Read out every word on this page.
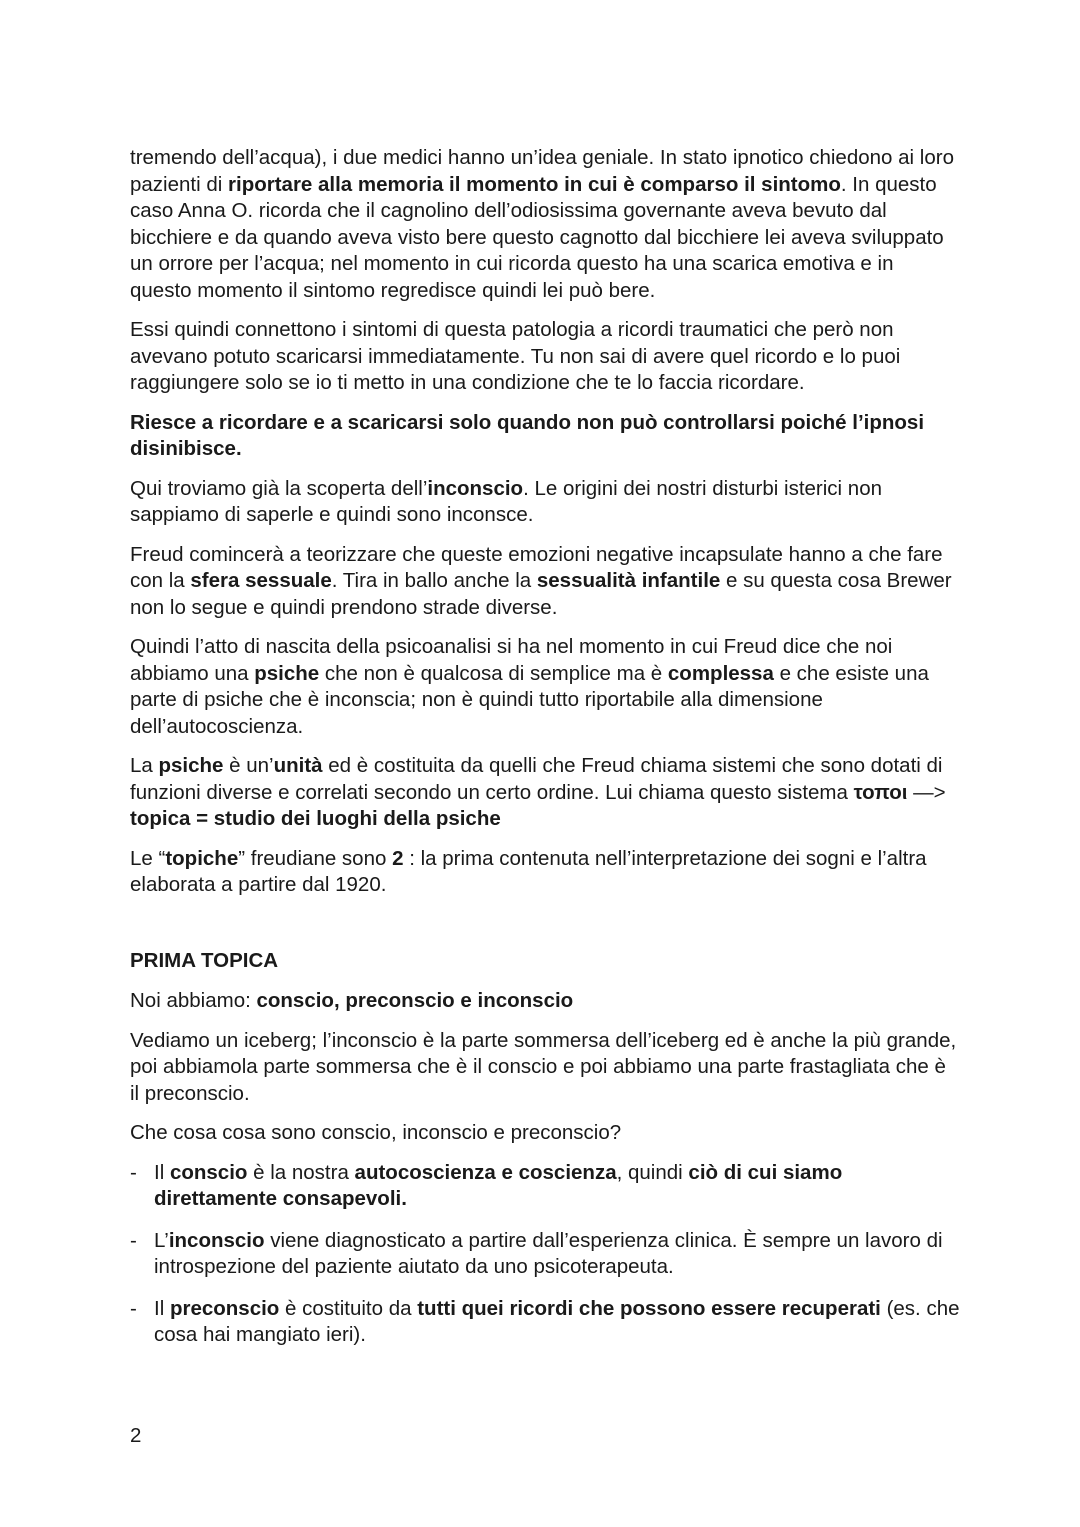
tremendo dell’acqua), i due medici hanno un’idea geniale. In stato ipnotico chiedono ai loro pazienti di riportare alla memoria il momento in cui è comparso il sintomo. In questo caso Anna O. ricorda che il cagnolino dell’odiosissima governante aveva bevuto dal bicchiere e da quando aveva visto bere questo cagnotto dal bicchiere lei aveva sviluppato un orrore per l’acqua; nel momento in cui ricorda questo ha una scarica emotiva e in questo momento il sintomo regredisce quindi lei può bere.

Essi quindi connettono i sintomi di questa patologia a ricordi traumatici che però non avevano potuto scaricarsi immediatamente. Tu non sai di avere quel ricordo e lo puoi raggiungere solo se io ti metto in una condizione che te lo faccia ricordare.

Riesce a ricordare e a scaricarsi solo quando non può controllarsi poiché l’ipnosi disinibisce.

Qui troviamo già la scoperta dell’inconscio. Le origini dei nostri disturbi isterici non sappiamo di saperle e quindi sono inconsce.

Freud comincerà a teorizzare che queste emozioni negative incapsulate hanno a che fare con la sfera sessuale. Tira in ballo anche la sessualità infantile e su questa cosa Brewer non lo segue e quindi prendono strade diverse.

Quindi l’atto di nascita della psicoanalisi si ha nel momento in cui Freud dice che noi abbiamo una psiche che non è qualcosa di semplice ma è complessa e che esiste una parte di psiche che è inconscia; non è quindi tutto riportabile alla dimensione dell’autocoscienza.

La psiche è un’unità ed è costituita da quelli che Freud chiama sistemi che sono dotati di funzioni diverse e correlati secondo un certo ordine. Lui chiama questo sistema τοποι —> topica = studio dei luoghi della psiche

Le “topiche” freudiane sono 2 : la prima contenuta nell’interpretazione dei sogni e l’altra elaborata a partire dal 1920.

PRIMA TOPICA

Noi abbiamo: conscio, preconscio e inconscio

Vediamo un iceberg; l’inconscio è la parte sommersa dell’iceberg ed è anche la più grande, poi abbiamola parte sommersa che è il conscio e poi abbiamo una parte frastagliata che è il preconscio.

Che cosa cosa sono conscio, inconscio e preconscio?

- Il conscio è la nostra autocoscienza e coscienza, quindi ciò di cui siamo direttamente consapevoli.
- L’inconscio viene diagnosticato a partire dall’esperienza clinica. È sempre un lavoro di introspezione del paziente aiutato da uno psicoterapeuta.
- Il preconscio è costituito da tutti quei ricordi che possono essere recuperati (es. che cosa hai mangiato ieri).
2
